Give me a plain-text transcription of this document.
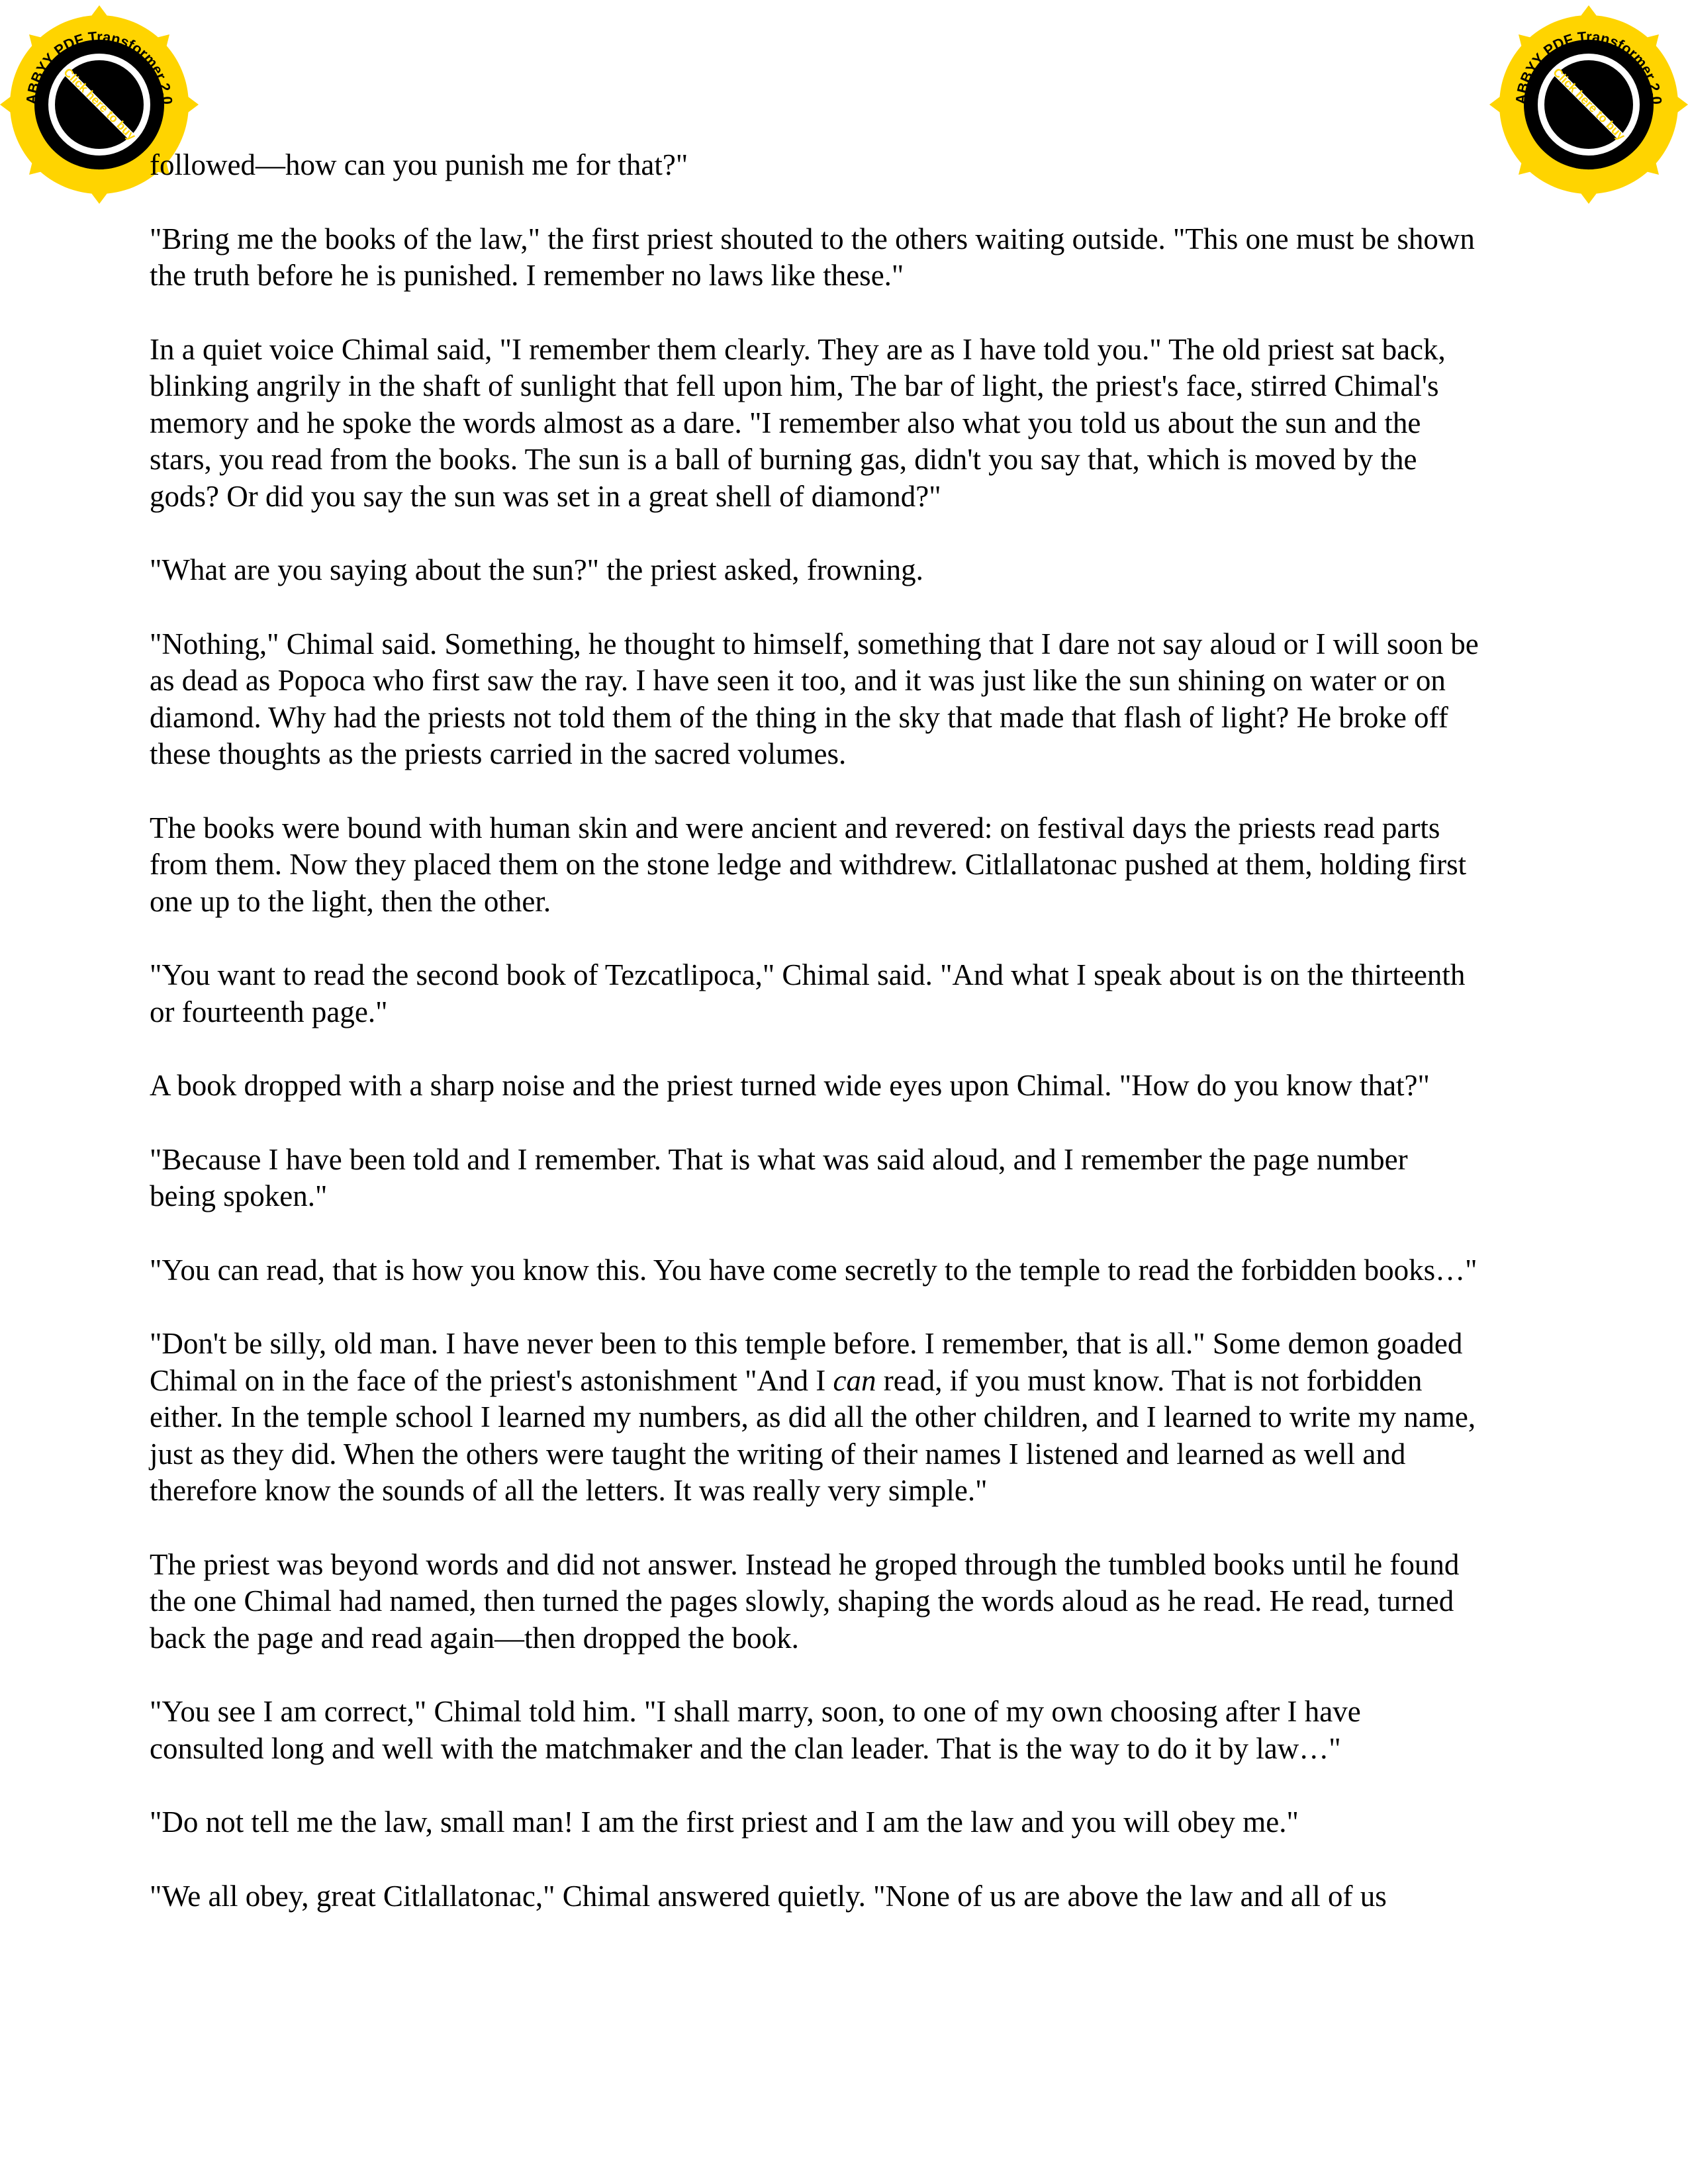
ABBYY PDF Transformer 2.0
www.ABBYY.com
Click here to buy	ABBYY PDF Transformer 2.0
www.ABBYY.com
Click here to buy

followed—how can you punish me for that?"

"Bring me the books of the law," the first priest shouted to the others waiting outside. "This one must be shown the truth before he is punished. I remember no laws like these."

In a quiet voice Chimal said, "I remember them clearly. They are as I have told you." The old priest sat back, blinking angrily in the shaft of sunlight that fell upon him, The bar of light, the priest's face, stirred Chimal's memory and he spoke the words almost as a dare. "I remember also what you told us about the sun and the stars, you read from the books. The sun is a ball of burning gas, didn't you say that, which is moved by the gods? Or did you say the sun was set in a great shell of diamond?"

"What are you saying about the sun?" the priest asked, frowning.

"Nothing," Chimal said. Something, he thought to himself, something that I dare not say aloud or I will soon be as dead as Popoca who first saw the ray. I have seen it too, and it was just like the sun shining on water or on diamond. Why had the priests not told them of the thing in the sky that made that flash of light? He broke off these thoughts as the priests carried in the sacred volumes.

The books were bound with human skin and were ancient and revered: on festival days the priests read parts from them. Now they placed them on the stone ledge and withdrew. Citlallatonac pushed at them, holding first one up to the light, then the other.

"You want to read the second book of Tezcatlipoca," Chimal said. "And what I speak about is on the thirteenth or fourteenth page."

A book dropped with a sharp noise and the priest turned wide eyes upon Chimal. "How do you know that?"

"Because I have been told and I remember. That is what was said aloud, and I remember the page number being spoken."

"You can read, that is how you know this. You have come secretly to the temple to read the forbidden books…"

"Don't be silly, old man. I have never been to this temple before. I remember, that is all." Some demon goaded Chimal on in the face of the priest's astonishment "And I can read, if you must know. That is not forbidden either. In the temple school I learned my numbers, as did all the other children, and I learned to write my name, just as they did. When the others were taught the writing of their names I listened and learned as well and therefore know the sounds of all the letters. It was really very simple."

The priest was beyond words and did not answer. Instead he groped through the tumbled books until he found the one Chimal had named, then turned the pages slowly, shaping the words aloud as he read. He read, turned back the page and read again—then dropped the book.

"You see I am correct," Chimal told him. "I shall marry, soon, to one of my own choosing after I have consulted long and well with the matchmaker and the clan leader. That is the way to do it by law…"

"Do not tell me the law, small man! I am the first priest and I am the law and you will obey me."

"We all obey, great Citlallatonac," Chimal answered quietly. "None of us are above the law and all of us
